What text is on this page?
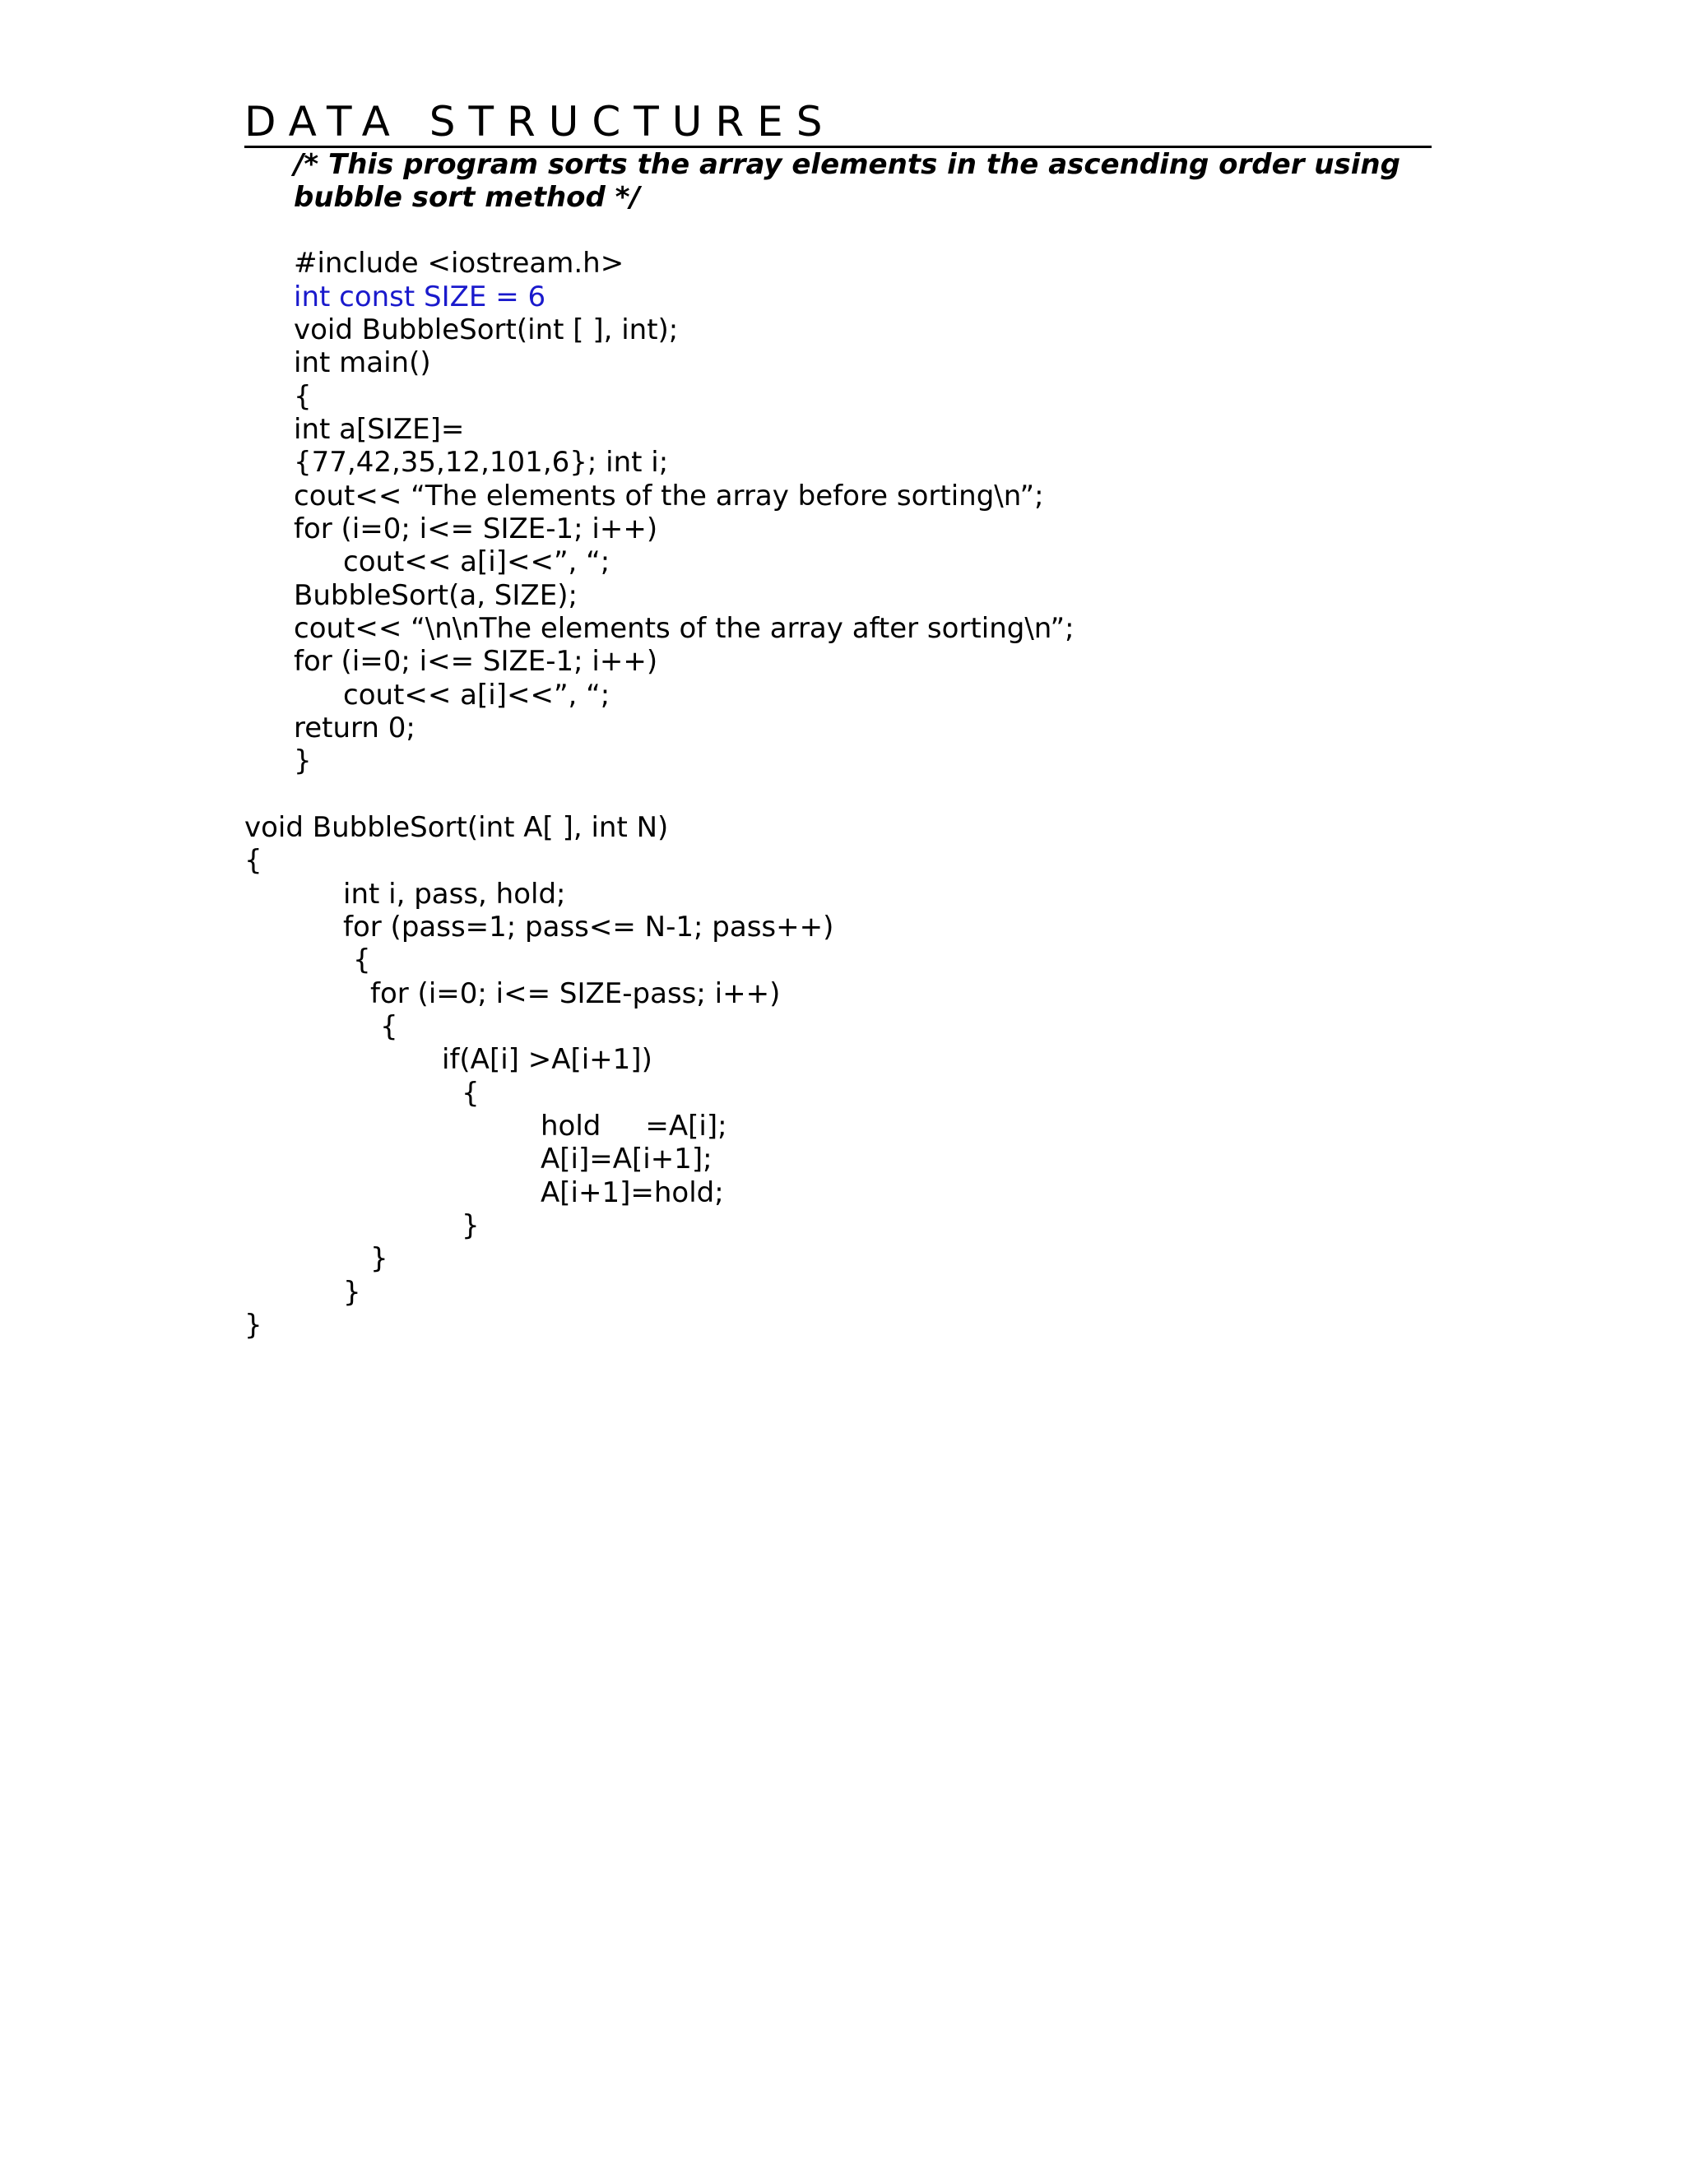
DATA STRUCTURES
/* This program sorts the array elements in the ascending order using
bubble sort method */
#include <iostream.h>
int const SIZE = 6
void BubbleSort(int [ ], int);
int main()
{
int a[SIZE]=
{77,42,35,12,101,6}; int i;
cout<< “The elements of the array before sorting\n”;
for (i=0; i<= SIZE-1; i++)
cout<< a[i]<<”, “;
BubbleSort(a, SIZE);
cout<< “\n\nThe elements of the array after sorting\n”;
for (i=0; i<= SIZE-1; i++)
cout<< a[i]<<”, “;
return 0;
}
void BubbleSort(int A[ ], int N)
{
int i, pass, hold;
for (pass=1; pass<= N-1; pass++)
{
for (i=0; i<= SIZE-pass; i++)
{
if(A[i] >A[i+1])
{
hold     =A[i];
A[i]=A[i+1];
A[i+1]=hold;
}
}
}
}
